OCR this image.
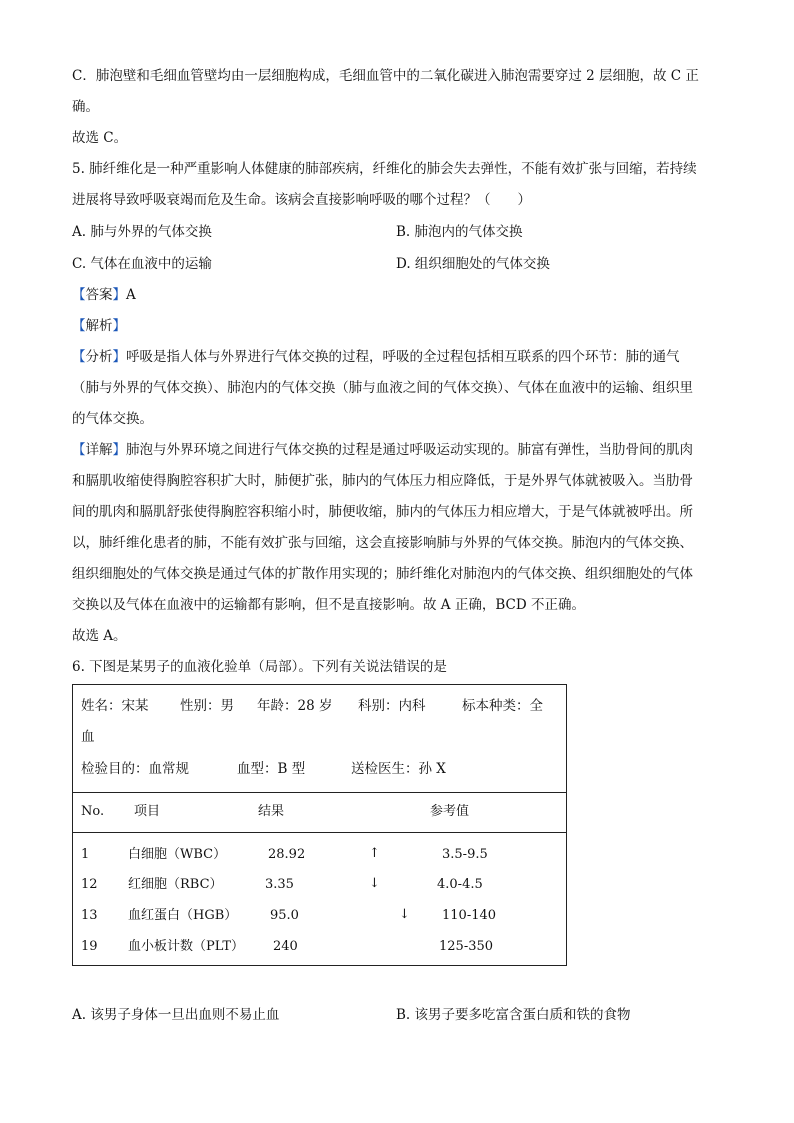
C．肺泡壁和毛细血管壁均由一层细胞构成，毛细血管中的二氧化碳进入肺泡需要穿过 2 层细胞，故 C 正
确。
故选 C。
5. 肺纤维化是一种严重影响人体健康的肺部疾病，纤维化的肺会失去弹性，不能有效扩张与回缩，若持续
进展将导致呼吸衰竭而危及生命。该病会直接影响呼吸的哪个过程？（　　）
A. 肺与外界的气体交换	B. 肺泡内的气体交换
C. 气体在血液中的运输	D. 组织细胞处的气体交换
【答案】A
【解析】
【分析】呼吸是指人体与外界进行气体交换的过程，呼吸的全过程包括相互联系的四个环节：肺的通气
（肺与外界的气体交换）、肺泡内的气体交换（肺与血液之间的气体交换）、气体在血液中的运输、组织里
的气体交换。
【详解】肺泡与外界环境之间进行气体交换的过程是通过呼吸运动实现的。肺富有弹性，当肋骨间的肌肉
和膈肌收缩使得胸腔容积扩大时，肺便扩张，肺内的气体压力相应降低，于是外界气体就被吸入。当肋骨
间的肌肉和膈肌舒张使得胸腔容积缩小时，肺便收缩，肺内的气体压力相应增大，于是气体就被呼出。所
以，肺纤维化患者的肺，不能有效扩张与回缩，这会直接影响肺与外界的气体交换。肺泡内的气体交换、
组织细胞处的气体交换是通过气体的扩散作用实现的；肺纤维化对肺泡内的气体交换、组织细胞处的气体
交换以及气体在血液中的运输都有影响，但不是直接影响。故 A 正确，BCD 不正确。
故选 A。
6. 下图是某男子的血液化验单（局部）。下列有关说法错误的是
姓名：宋某 性别：男 年龄：28 岁 科别：内科	标本种类：全
血
检验目的：血常规	血型：B 型	送检医生：孙 X
No. 项目	结果	参考值
1	白细胞（WBC）	28.92	↑	3.5-9.5
12 红细胞（RBC）	3.35	↓	4.0-4.5
13 血红蛋白（HGB）	95.0	↓ 110-140
19 血小板计数（PLT） 240	125-350
A. 该男子身体一旦出血则不易止血	B. 该男子要多吃富含蛋白质和铁的食物
